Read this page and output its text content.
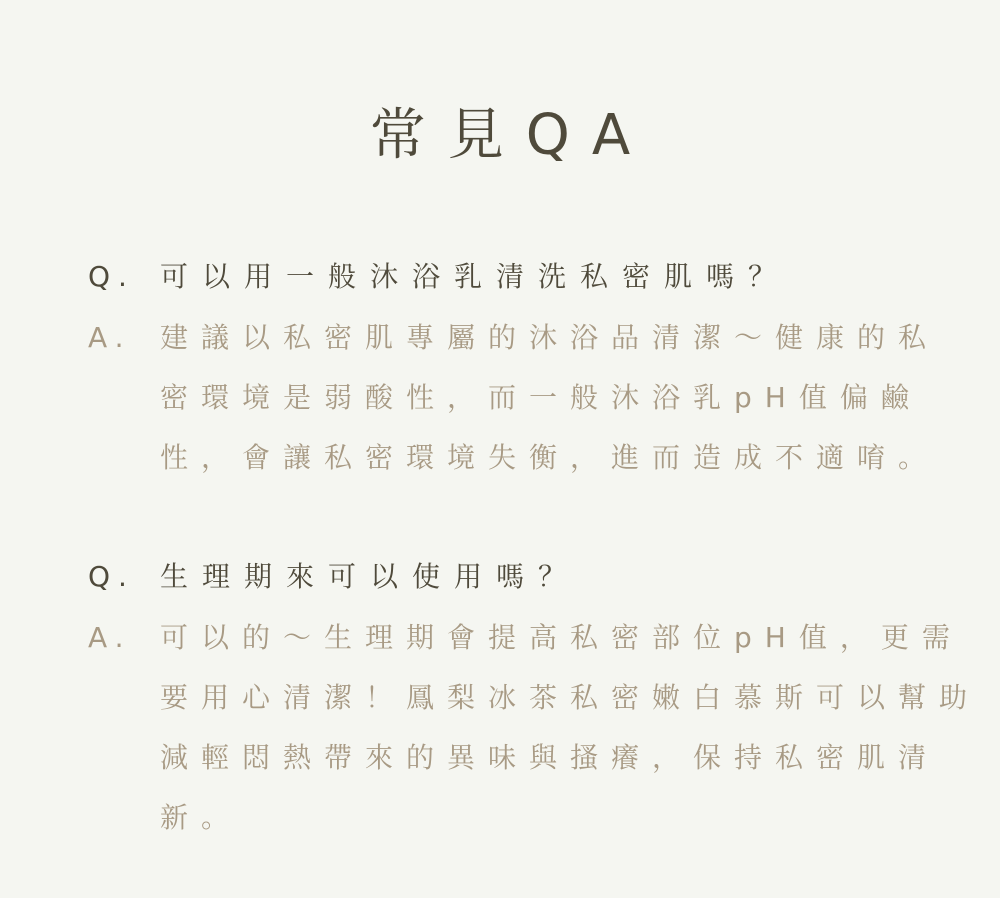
常見QA
Q. 可以用一般沐浴乳清洗私密肌嗎？
A.	建議以私密肌專屬的沐浴品清潔～健康的私
密環境是弱酸性，而一般沐浴乳pH值偏鹼
性，會讓私密環境失衡，進而造成不適唷。
Q. 生理期來可以使用嗎？
A.	可以的～生理期會提高私密部位pH值，更需
要用心清潔！鳳梨冰茶私密嫩白慕斯可以幫助
減輕悶熱帶來的異味與搔癢，保持私密肌清
新。
